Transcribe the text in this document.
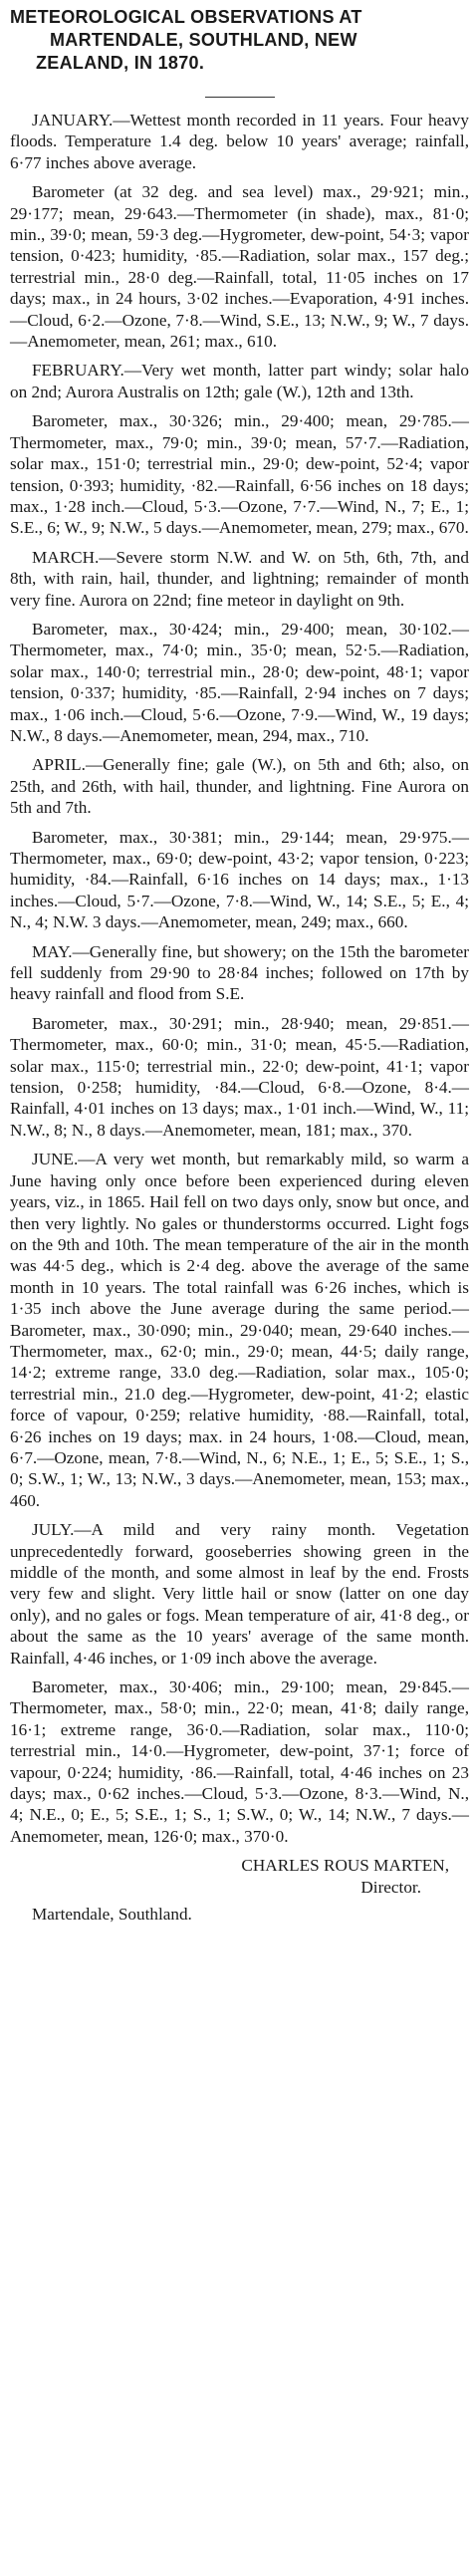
METEOROLOGICAL OBSERVATIONS AT
MARTENDALE, SOUTHLAND, NEW
ZEALAND, IN 1870.

JANUARY.—Wettest month recorded in 11 years. Four heavy floods. Temperature 1.4 deg. below 10 years' average; rainfall, 6·77 inches above average.

Barometer (at 32 deg. and sea level) max., 29·921; min., 29·177; mean, 29·643.—Thermometer (in shade), max., 81·0; min., 39·0; mean, 59·3 deg.—Hygrometer, dew-point, 54·3; vapor tension, 0·423; humidity, ·85.—Radiation, solar max., 157 deg.; terrestrial min., 28·0 deg.—Rainfall, total, 11·05 inches on 17 days; max., in 24 hours, 3·02 inches.—Evaporation, 4·91 inches.—Cloud, 6·2.—Ozone, 7·8.—Wind, S.E., 13; N.W., 9; W., 7 days.—Anemometer, mean, 261; max., 610.

FEBRUARY.—Very wet month, latter part windy; solar halo on 2nd; Aurora Australis on 12th; gale (W.), 12th and 13th.

Barometer, max., 30·326; min., 29·400; mean, 29·785.—Thermometer, max., 79·0; min., 39·0; mean, 57·7.—Radiation, solar max., 151·0; terrestrial min., 29·0; dew-point, 52·4; vapor tension, 0·393; humidity, ·82.—Rainfall, 6·56 inches on 18 days; max., 1·28 inch.—Cloud, 5·3.—Ozone, 7·7.—Wind, N., 7; E., 1; S.E., 6; W., 9; N.W., 5 days.—Anemometer, mean, 279; max., 670.

MARCH.—Severe storm N.W. and W. on 5th, 6th, 7th, and 8th, with rain, hail, thunder, and lightning; remainder of month very fine. Aurora on 22nd; fine meteor in daylight on 9th.

Barometer, max., 30·424; min., 29·400; mean, 30·102.—Thermometer, max., 74·0; min., 35·0; mean, 52·5.—Radiation, solar max., 140·0; terrestrial min., 28·0; dew-point, 48·1; vapor tension, 0·337; humidity, ·85.—Rainfall, 2·94 inches on 7 days; max., 1·06 inch.—Cloud, 5·6.—Ozone, 7·9.—Wind, W., 19 days; N.W., 8 days.—Anemometer, mean, 294, max., 710.

APRIL.—Generally fine; gale (W.), on 5th and 6th; also, on 25th, and 26th, with hail, thunder, and lightning. Fine Aurora on 5th and 7th.

Barometer, max., 30·381; min., 29·144; mean, 29·975.—Thermometer, max., 69·0; dew-point, 43·2; vapor tension, 0·223; humidity, ·84.—Rainfall, 6·16 inches on 14 days; max., 1·13 inches.—Cloud, 5·7.—Ozone, 7·8.—Wind, W., 14; S.E., 5; E., 4; N., 4; N.W. 3 days.—Anemometer, mean, 249; max., 660.

MAY.—Generally fine, but showery; on the 15th the barometer fell suddenly from 29·90 to 28·84 inches; followed on 17th by heavy rainfall and flood from S.E.

Barometer, max., 30·291; min., 28·940; mean, 29·851.—Thermometer, max., 60·0; min., 31·0; mean, 45·5.—Radiation, solar max., 115·0; terrestrial min., 22·0; dew-point, 41·1; vapor tension, 0·258; humidity, ·84.—Cloud, 6·8.—Ozone, 8·4.—Rainfall, 4·01 inches on 13 days; max., 1·01 inch.—Wind, W., 11; N.W., 8; N., 8 days.—Anemometer, mean, 181; max., 370.

JUNE.—A very wet month, but remarkably mild, so warm a June having only once before been experienced during eleven years, viz., in 1865. Hail fell on two days only, snow but once, and then very lightly. No gales or thunderstorms occurred. Light fogs on the 9th and 10th. The mean temperature of the air in the month was 44·5 deg., which is 2·4 deg. above the average of the same month in 10 years. The total rainfall was 6·26 inches, which is 1·35 inch above the June average during the same period.—Barometer, max., 30·090; min., 29·040; mean, 29·640 inches.—Thermometer, max., 62·0; min., 29·0; mean, 44·5; daily range, 14·2; extreme range, 33.0 deg.—Radiation, solar max., 105·0; terrestrial min., 21.0 deg.—Hygrometer, dew-point, 41·2; elastic force of vapour, 0·259; relative humidity, ·88.—Rainfall, total, 6·26 inches on 19 days; max. in 24 hours, 1·08.—Cloud, mean, 6·7.—Ozone, mean, 7·8.—Wind, N., 6; N.E., 1; E., 5; S.E., 1; S., 0; S.W., 1; W., 13; N.W., 3 days.—Anemometer, mean, 153; max., 460.

JULY.—A mild and very rainy month. Vegetation unprecedentedly forward, gooseberries showing green in the middle of the month, and some almost in leaf by the end. Frosts very few and slight. Very little hail or snow (latter on one day only), and no gales or fogs. Mean temperature of air, 41·8 deg., or about the same as the 10 years' average of the same month. Rainfall, 4·46 inches, or 1·09 inch above the average.

Barometer, max., 30·406; min., 29·100; mean, 29·845.—Thermometer, max., 58·0; min., 22·0; mean, 41·8; daily range, 16·1; extreme range, 36·0.—Radiation, solar max., 110·0; terrestrial min., 14·0.—Hygrometer, dew-point, 37·1; force of vapour, 0·224; humidity, ·86.—Rainfall, total, 4·46 inches on 23 days; max., 0·62 inches.—Cloud, 5·3.—Ozone, 8·3.—Wind, N., 4; N.E., 0; E., 5; S.E., 1; S., 1; S.W., 0; W., 14; N.W., 7 days.—Anemometer, mean, 126·0; max., 370·0.

CHARLES ROUS MARTEN,
Director.
Martendale, Southland.
